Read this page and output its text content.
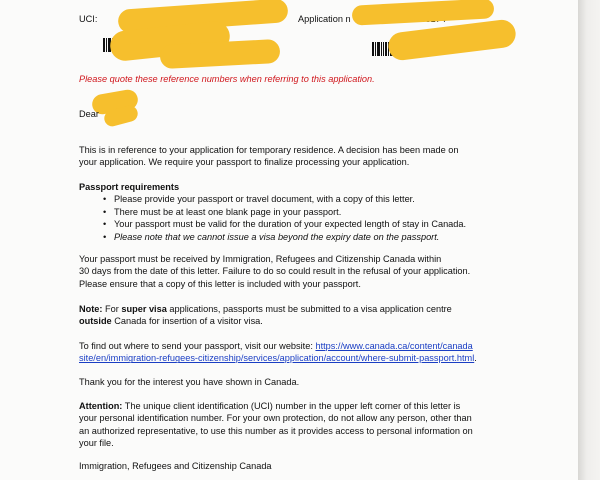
UCI:	Application n
Please quote these reference numbers when referring to this application.
Dear
This is in reference to your application for temporary residence. A decision has been made on
your application. We require your passport to finalize processing your application.
Passport requirements
• Please provide your passport or travel document, with a copy of this letter.
• There must be at least one blank page in your passport.
• Your passport must be valid for the duration of your expected length of stay in Canada.
• Please note that we cannot issue a visa beyond the expiry date on the passport.
Your passport must be received by Immigration, Refugees and Citizenship Canada within
30 days from the date of this letter. Failure to do so could result in the refusal of your application.
Please ensure that a copy of this letter is included with your passport.
Note: For super visa applications, passports must be submitted to a visa application centre
outside Canada for insertion of a visitor visa.
To find out where to send your passport, visit our website: https://www.canada.ca/content/canada
site/en/immigration-refugees-citizenship/services/application/account/where-submit-passport.html.
Thank you for the interest you have shown in Canada.
Attention: The unique client identification (UCI) number in the upper left corner of this letter is
your personal identification number. For your own protection, do not allow any person, other than
an authorized representative, to use this number as it provides access to personal information on
your file.
Immigration, Refugees and Citizenship Canada
